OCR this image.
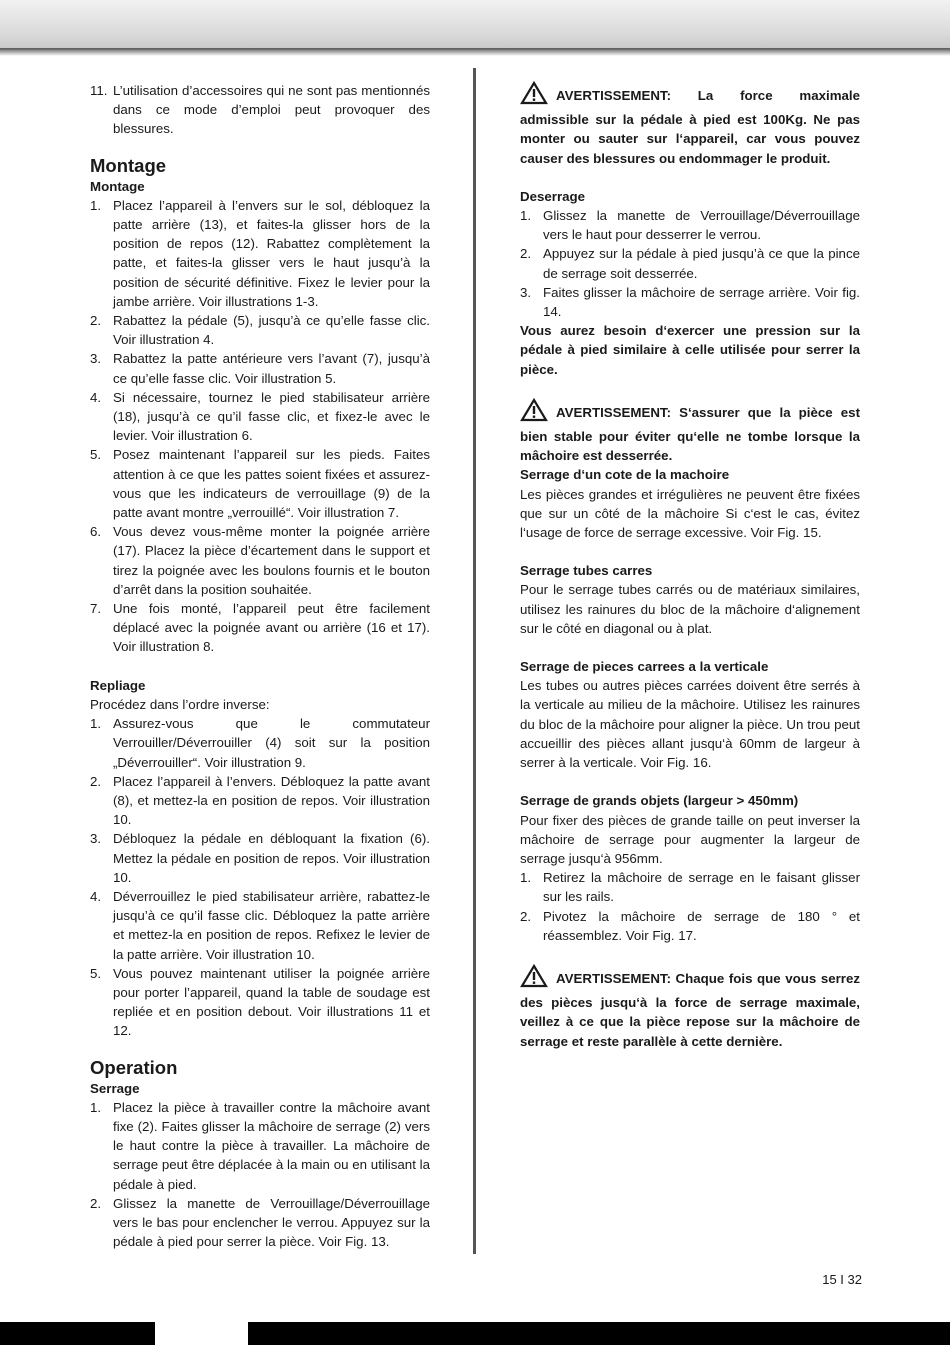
11. L’utilisation d’accessoires qui ne sont pas mentionnés dans ce mode d’emploi peut provoquer des blessures.
Montage
Montage
1. Placez l’appareil à l’envers sur le sol, débloquez la patte arrière (13), et faites-la glisser hors de la position de repos (12). Rabattez complètement la patte, et faites-la glisser vers le haut jusqu’à la position de sécurité définitive. Fixez le levier pour la jambe arrière. Voir illustrations 1-3.
2. Rabattez la pédale (5), jusqu’à ce qu’elle fasse clic. Voir illustration 4.
3. Rabattez la patte antérieure vers l’avant (7), jusqu’à ce qu’elle fasse clic. Voir illustration 5.
4. Si nécessaire, tournez le pied stabilisateur arrière (18), jusqu’à ce qu’il fasse clic, et fixez-le avec le levier. Voir illustration 6.
5. Posez maintenant l’appareil sur les pieds. Faites attention à ce que les pattes soient fixées et assurez-vous que les indicateurs de verrouillage (9) de la patte avant montre „verrouillé“. Voir illustration 7.
6. Vous devez vous-même monter la poignée arrière (17). Placez la pièce d’écartement dans le support et tirez la poignée avec les boulons fournis et le bouton d’arrêt dans la position souhaitée.
7. Une fois monté, l’appareil peut être facilement déplacé avec la poignée avant ou arrière (16 et 17). Voir illustration 8.
Repliage

Procédez dans l’ordre inverse:

1. Assurez-vous que le commutateur Verrouiller/Déverrouiller (4) soit sur la position „Déverrouiller“. Voir illustration 9.
2. Placez l’appareil à l’envers. Débloquez la patte avant (8), et mettez-la en position de repos. Voir illustration 10.
3. Débloquez la pédale en débloquant la fixation (6). Mettez la pédale en position de repos. Voir illustration 10.
4. Déverrouillez le pied stabilisateur arrière, rabattez-le jusqu’à ce qu’il fasse clic. Débloquez la patte arrière et mettez-la en position de repos. Refixez le levier de la patte arrière. Voir illustration 10.
5. Vous pouvez maintenant utiliser la poignée arrière pour porter l’appareil, quand la table de soudage est repliée et en position debout. Voir illustrations 11 et 12.
Operation
Serrage
1. Placez la pièce à travailler contre la mâchoire avant fixe (2). Faites glisser la mâchoire de serrage (2) vers le haut contre la pièce à travailler. La mâchoire de serrage peut être déplacée à la main ou en utilisant la pédale à pied.
2. Glissez la manette de Verrouillage/Déverrouillage vers le bas pour enclencher le verrou. Appuyez sur la pédale à pied pour serrer la pièce. Voir Fig. 13.

AVERTISSEMENT: La force maximale admissible sur la pédale à pied est 100Kg. Ne pas monter ou sauter sur l‘appareil, car vous pouvez causer des blessures ou endommager le produit.

Deserrage
1. Glissez la manette de Verrouillage/Déverrouillage vers le haut pour desserrer le verrou.
2. Appuyez sur la pédale à pied jusqu’à ce que la pince de serrage soit desserrée.
3. Faites glisser la mâchoire de serrage arrière. Voir fig. 14.

Vous aurez besoin d‘exercer une pression sur la pédale à pied similaire à celle utilisée pour serrer la pièce.

AVERTISSEMENT: S‘assurer que la pièce est bien stable pour éviter qu‘elle ne tombe lorsque la mâchoire est desserrée.

Serrage d‘un cote de la machoire

Les pièces grandes et irrégulières ne peuvent être fixées que sur un côté de la mâchoire Si c‘est le cas, évitez l‘usage de force de serrage excessive. Voir Fig. 15.

Serrage tubes carres

Pour le serrage tubes carrés ou de matériaux similaires, utilisez les rainures du bloc de la mâchoire d‘alignement sur le côté en diagonal ou à plat.

Serrage de pieces carrees a la verticale

Les tubes ou autres pièces carrées doivent être serrés à la verticale au milieu de la mâchoire. Utilisez les rainures du bloc de la mâchoire pour aligner la pièce. Un trou peut accueillir des pièces allant jusqu‘à 60mm de largeur à serrer à la verticale. Voir Fig. 16.

Serrage de grands objets (largeur > 450mm)

Pour fixer des pièces de grande taille on peut inverser la mâchoire de serrage pour augmenter la largeur de serrage jusqu‘à 956mm.

1. Retirez la mâchoire de serrage en le faisant glisser sur les rails.
2. Pivotez la mâchoire de serrage de 180 ° et réassemblez. Voir Fig. 17.

AVERTISSEMENT: Chaque fois que vous serrez des pièces jusqu‘à la force de serrage maximale, veillez à ce que la pièce repose sur la mâchoire de serrage et reste parallèle à cette dernière.

15 I 32
